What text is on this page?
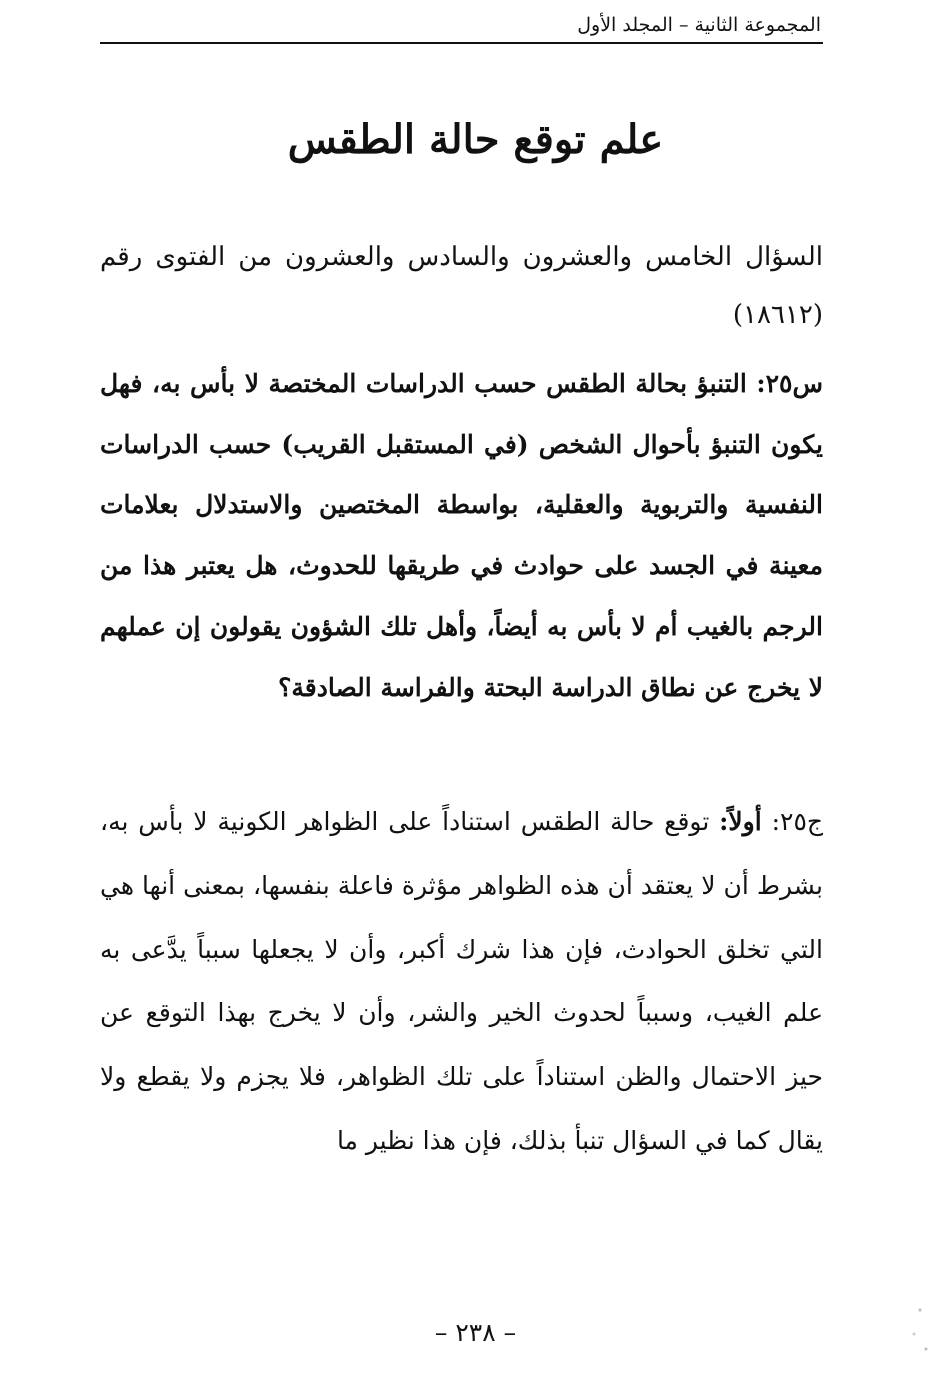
المجموعة الثانية – المجلد الأول
علم توقع حالة الطقس

السؤال الخامس والعشرون والسادس والعشرون من الفتوى رقم (١٨٦١٢)

س٢٥: التنبؤ بحالة الطقس حسب الدراسات المختصة لا بأس به، فهل يكون التنبؤ بأحوال الشخص (في المستقبل القريب) حسب الدراسات النفسية والتربوية والعقلية، بواسطة المختصين والاستدلال بعلامات معينة في الجسد على حوادث في طريقها للحدوث، هل يعتبر هذا من الرجم بالغيب أم لا بأس به أيضاً، وأهل تلك الشؤون يقولون إن عملهم لا يخرج عن نطاق الدراسة البحتة والفراسة الصادقة؟

ج٢٥: أولاً: توقع حالة الطقس استناداً على الظواهر الكونية لا بأس به، بشرط أن لا يعتقد أن هذه الظواهر مؤثرة فاعلة بنفسها، بمعنى أنها هي التي تخلق الحوادث، فإن هذا شرك أكبر، وأن لا يجعلها سبباً يدَّعى به علم الغيب، وسبباً لحدوث الخير والشر، وأن لا يخرج بهذا التوقع عن حيز الاحتمال والظن استناداً على تلك الظواهر، فلا يجزم ولا يقطع ولا يقال كما في السؤال تنبأ بذلك، فإن هذا نظير ما

– ٢٣٨ –
